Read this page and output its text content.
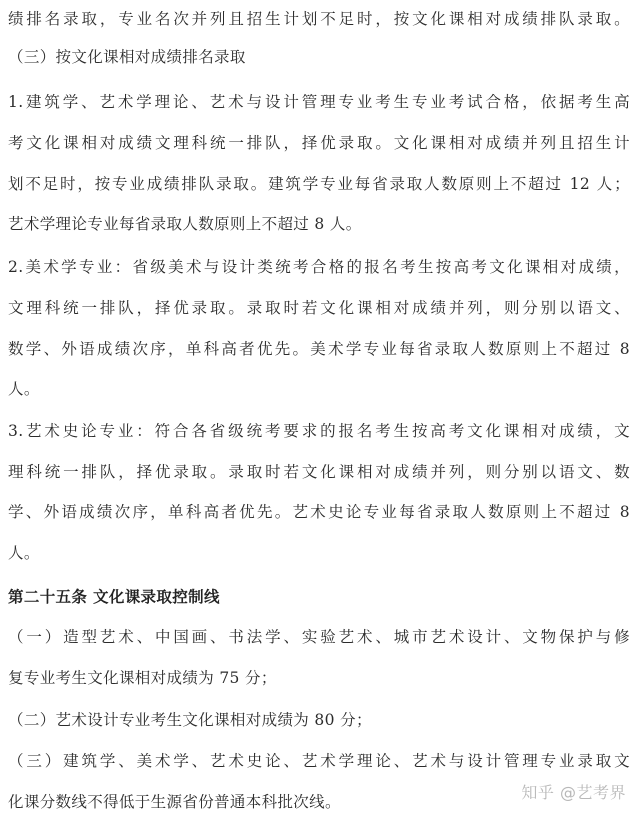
绩排名录取，专业名次并列且招生计划不足时，按文化课相对成绩排队录取。
（三）按文化课相对成绩排名录取
1.建筑学、艺术学理论、艺术与设计管理专业考生专业考试合格，依据考生高
考文化课相对成绩文理科统一排队，择优录取。文化课相对成绩并列且招生计
划不足时，按专业成绩排队录取。建筑学专业每省录取人数原则上不超过 12 人；
艺术学理论专业每省录取人数原则上不超过 8 人。
2.美术学专业：省级美术与设计类统考合格的报名考生按高考文化课相对成绩，
文理科统一排队，择优录取。录取时若文化课相对成绩并列，则分别以语文、
数学、外语成绩次序，单科高者优先。美术学专业每省录取人数原则上不超过 8
人。
3.艺术史论专业：符合各省级统考要求的报名考生按高考文化课相对成绩，文
理科统一排队，择优录取。录取时若文化课相对成绩并列，则分别以语文、数
学、外语成绩次序，单科高者优先。艺术史论专业每省录取人数原则上不超过 8
人。
第二十五条 文化课录取控制线
（一）造型艺术、中国画、书法学、实验艺术、城市艺术设计、文物保护与修
复专业考生文化课相对成绩为 75 分；
（二）艺术设计专业考生文化课相对成绩为 80 分；
（三）建筑学、美术学、艺术史论、艺术学理论、艺术与设计管理专业录取文
化课分数线不得低于生源省份普通本科批次线。	知乎 @艺考界
